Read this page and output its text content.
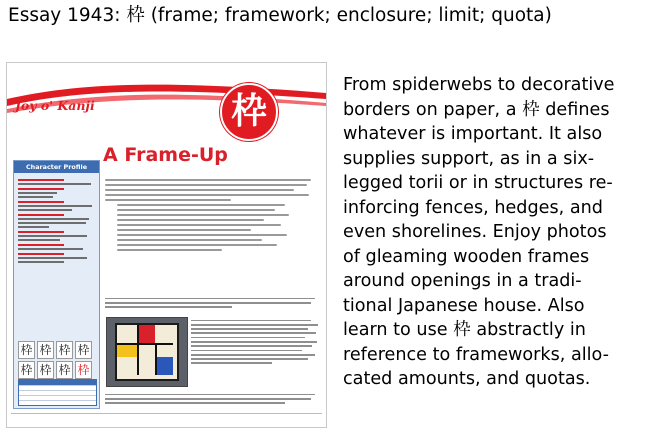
Essay 1943: 枠 (frame; framework; enclosure; limit; quota)
From spiderwebs to decorative
borders on paper, a 枠 defines
whatever is important. It also
supplies support, as in a six-
legged torii or in structures re-
inforcing fences, hedges, and
even shorelines. Enjoy photos
of gleaming wooden frames
around openings in a tradi-
tional Japanese house. Also
learn to use 枠 abstractly in
reference to frameworks, allo-
cated amounts, and quotas.
Joy o' Kanji	枠
A Frame-Up
Character Profile
枠 枠 枠 枠
枠 枠 枠 枠
